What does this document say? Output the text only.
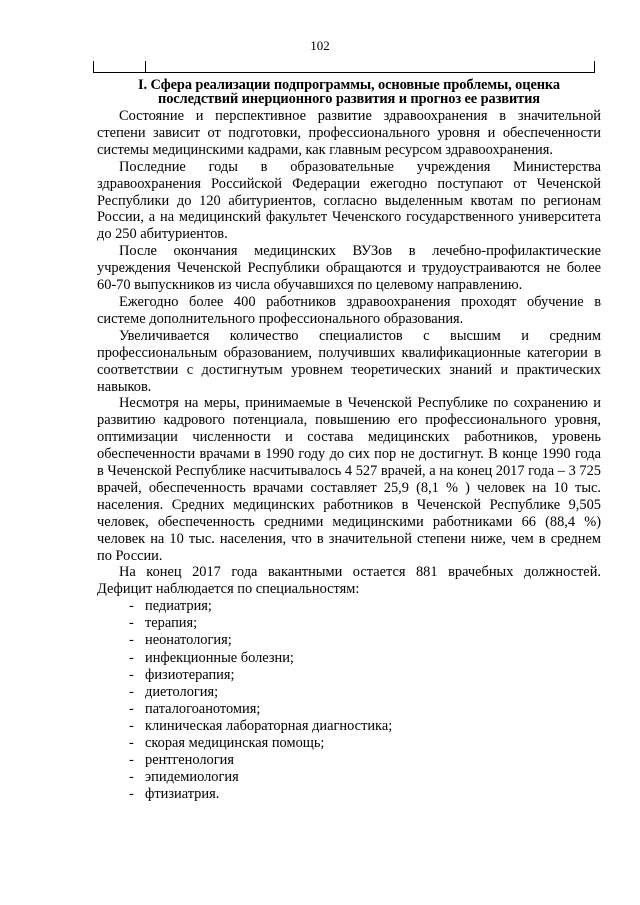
102
I. Сфера реализации подпрограммы, основные проблемы, оценка
последствий инерционного развития и прогноз ее развития

Состояние и перспективное развитие здравоохранения в значительной степени зависит от подготовки, профессионального уровня и обеспеченности системы медицинскими кадрами, как главным ресурсом здравоохранения.

Последние годы в образовательные учреждения Министерства здравоохранения Российской Федерации ежегодно поступают от Чеченской Республики до 120 абитуриентов, согласно выделенным квотам по регионам России, а на медицинский факультет Чеченского государственного университета до 250 абитуриентов.

После окончания медицинских ВУЗов в лечебно-профилактические учреждения Чеченской Республики обращаются и трудоустраиваются не более 60-70 выпускников из числа обучавшихся по целевому направлению.

Ежегодно более 400 работников здравоохранения проходят обучение в системе дополнительного профессионального образования.

Увеличивается количество специалистов с высшим и средним профессиональным образованием, получивших квалификационные категории в соответствии с достигнутым уровнем теоретических знаний и практических навыков.

Несмотря на меры, принимаемые в Чеченской Республике по сохранению и развитию кадрового потенциала, повышению его профессионального уровня, оптимизации численности и состава медицинских работников, уровень обеспеченности врачами в 1990 году до сих пор не достигнут. В конце 1990 года в Чеченской Республике насчитывалось 4 527 врачей, а на конец 2017 года – 3 725 врачей, обеспеченность врачами составляет 25,9 (8,1 % ) человек на 10 тыс. населения. Средних медицинских работников в Чеченской Республике 9,505 человек, обеспеченность средними медицинскими работниками 66 (88,4 %) человек на 10 тыс. населения, что в значительной степени ниже, чем в среднем по России.

На конец 2017 года вакантными остается 881 врачебных должностей. Дефицит наблюдается по специальностям:

- педиатрия;
- терапия;
- неонатология;
- инфекционные болезни;
- физиотерапия;
- диетология;
- паталогоанотомия;
- клиническая лабораторная диагностика;
- скорая медицинская помощь;
- рентгенология
- эпидемиология
- фтизиатрия.
